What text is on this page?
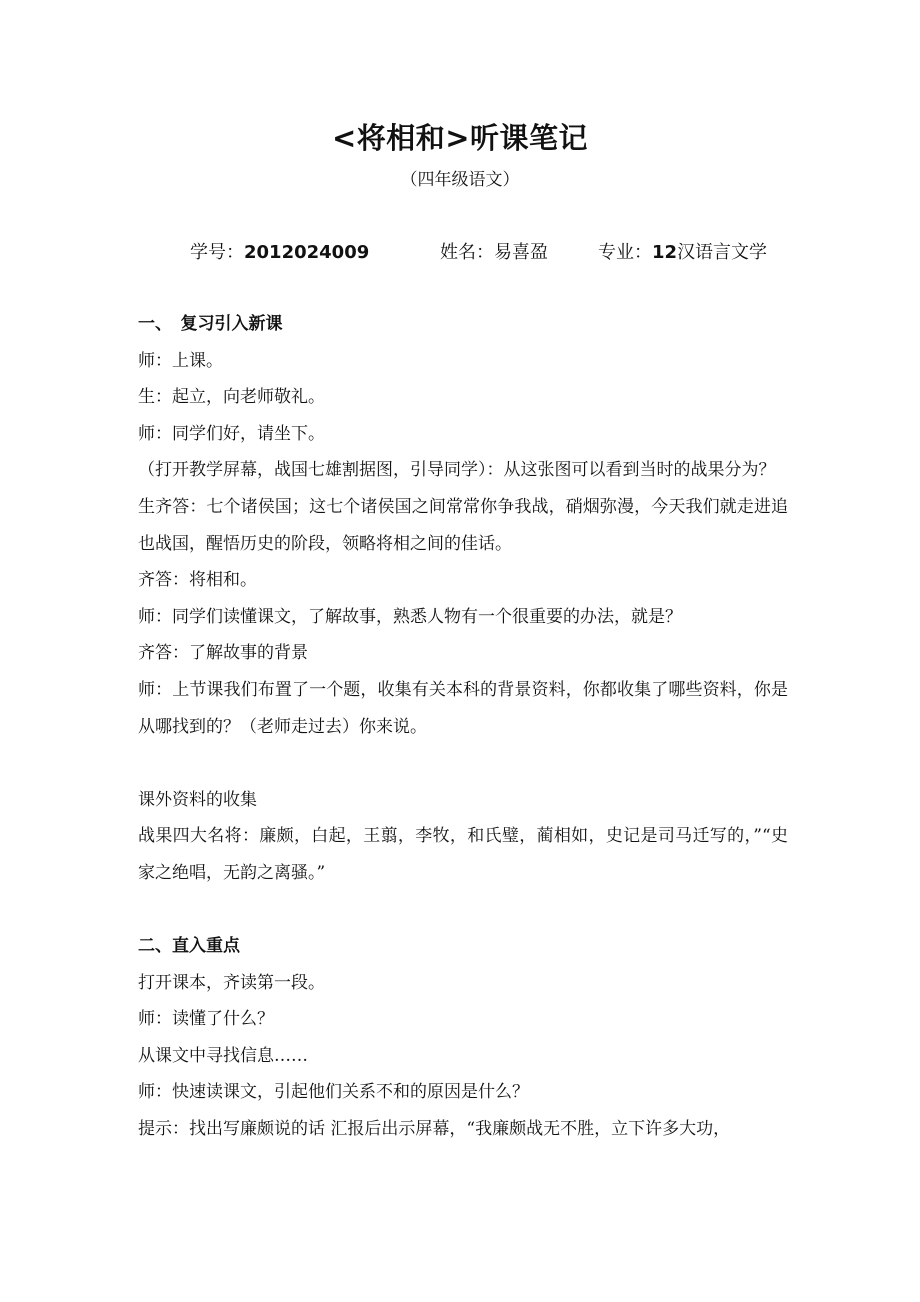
<将相和>听课笔记
（四年级语文）
学号：2012024009	姓名：易喜盈	专业：12汉语言文学

一、　复习引入新课

师：上课。

生：起立，向老师敬礼。

师：同学们好，请坐下。

（打开教学屏幕，战国七雄割据图，引导同学）：从这张图可以看到当时的战果分为？

生齐答：七个诸侯国；这七个诸侯国之间常常你争我战，硝烟弥漫，今天我们就走进追也战国，醒悟历史的阶段，领略将相之间的佳话。

齐答：将相和。

师：同学们读懂课文，了解故事，熟悉人物有一个很重要的办法，就是？

齐答：了解故事的背景

师：上节课我们布置了一个题，收集有关本科的背景资料，你都收集了哪些资料，你是从哪找到的？（老师走过去）你来说。

课外资料的收集

战果四大名将：廉颇，白起，王翦，李牧，和氏璧，蔺相如，史记是司马迁写的，”“史家之绝唱，无韵之离骚。”

二、直入重点

打开课本，齐读第一段。

师：读懂了什么？

从课文中寻找信息……

师：快速读课文，引起他们关系不和的原因是什么？

提示：找出写廉颇说的话 汇报后出示屏幕，“我廉颇战无不胜，立下许多大功，
